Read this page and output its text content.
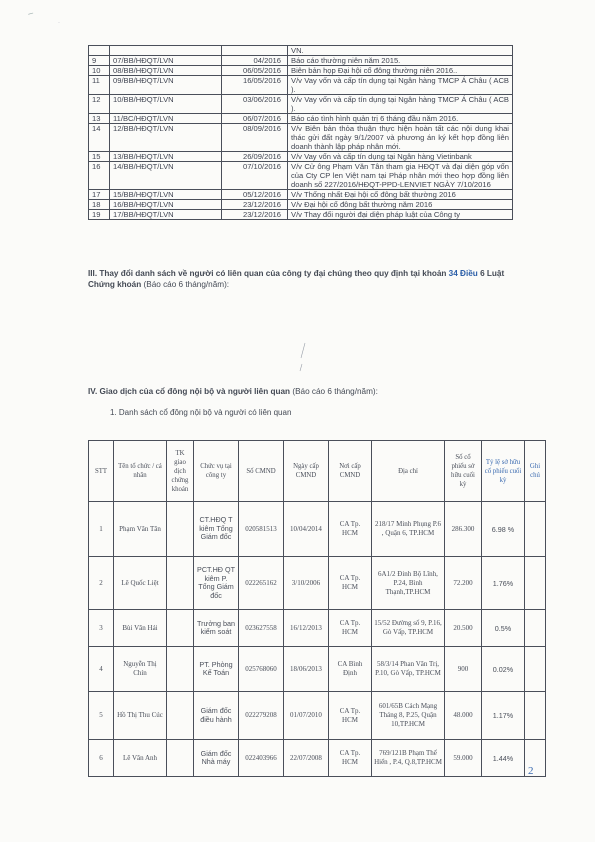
–
·
			VN.
9	07/BB/HĐQT/LVN	04/2016	Báo cáo thường niên năm 2015.
10	08/BB/HĐQT/LVN	06/05/2016	Biên bản họp Đại hội cổ đông thường niên 2016..
11	09/BB/HĐQT/LVN	16/05/2016	V/v Vay vốn và cấp tín dụng tại Ngân hàng TMCP Á Châu ( ACB ).
12	10/BB/HĐQT/LVN	03/06/2016	V/v Vay vốn và cấp tín dụng tại Ngân hàng TMCP Á Châu ( ACB ).
13	11/BC/HĐQT/LVN	06/07/2016	Báo cáo tình hình quản trị 6 tháng đầu năm 2016.
14	12/BB/HĐQT/LVN	08/09/2016	V/v Biên bản thỏa thuận thực hiện hoàn tất các nội dung khai thác gửi đất ngày 9/1/2007 và phương án ký kết hợp đồng liên doanh thành lập pháp nhân mới.
15	13/BB/HĐQT/LVN	26/09/2016	V/v Vay vốn và cấp tín dụng tại Ngân hàng Vietinbank
16	14/BB/HĐQT/LVN	07/10/2016	V/v Cử ông Phạm Văn Tân tham gia HĐQT và đại diện góp vốn của Cty CP len Việt nam tại Pháp nhân mới theo hợp đồng liên doanh số 227/2016/HĐQT-PPD-LENVIET NGÀY 7/10/2016
17	15/BB/HĐQT/LVN	05/12/2016	V/v Thống nhất Đại hội cổ đông bất thường 2016
18	16/BB/HĐQT/LVN	23/12/2016	V/v Đại hội cổ đông bất thường năm 2016
19	17/BB/HĐQT/LVN	23/12/2016	V/v Thay đổi người đại diện pháp luật của Công ty
III. Thay đổi danh sách về người có liên quan của công ty đại chúng theo quy định tại khoản 34 Điều 6 Luật Chứng khoán (Báo cáo 6 tháng/năm):
IV. Giao dịch của cổ đông nội bộ và người liên quan (Báo cáo 6 tháng/năm):
1. Danh sách cổ đông nội bộ và người có liên quan
STT	Tên tổ chức / cá nhân	TK giao dịch chứng khoán	Chức vụ tại công ty	Số CMND	Ngày cấp CMND	Nơi cấp CMND	Địa chỉ	Số cổ phiếu sở hữu cuối kỳ	Tỷ lệ sở hữu cổ phiếu cuối kỳ	Ghi chú
1	Phạm Văn Tân		CT.HĐQ T kiêm Tổng Giám đốc	020581513	10/04/2014	CA Tp. HCM	218/17 Minh Phụng P.6 , Quận 6, TP.HCM	286.300	6.98 %	
2	Lê Quốc Liệt		PCT.HĐ QT kiêm P. Tổng Giám đốc	022265162	3/10/2006	CA Tp. HCM	6A1/2 Đinh Bộ Lĩnh, P.24, Bình Thạnh,TP.HCM	72.200	1.76%	
3	Bùi Văn Hải		Trưởng ban kiểm soát	023627558	16/12/2013	CA Tp. HCM	15/52 Đường số 9, P.16, Gò Vấp, TP.HCM	20.500	0.5%	
4	Nguyễn Thị Chín		PT. Phòng Kế Toán	025768060	18/06/2013	CA Bình Định	58/3/14 Phan Văn Trị, P.10, Gò Vấp, TP.HCM	900	0.02%	
5	Hồ Thị Thu Cúc		Giám đốc điều hành	022279208	01/07/2010	CA Tp. HCM	601/65B Cách Mạng Tháng 8, P.25, Quận 10,TP.HCM	48.000	1.17%	
6	Lê Văn Anh		Giám đốc Nhà máy	022403966	22/07/2008	CA Tp. HCM	769/121B Phạm Thế Hiển , P.4, Q.8,TP.HCM	59.000	1.44%	
2
